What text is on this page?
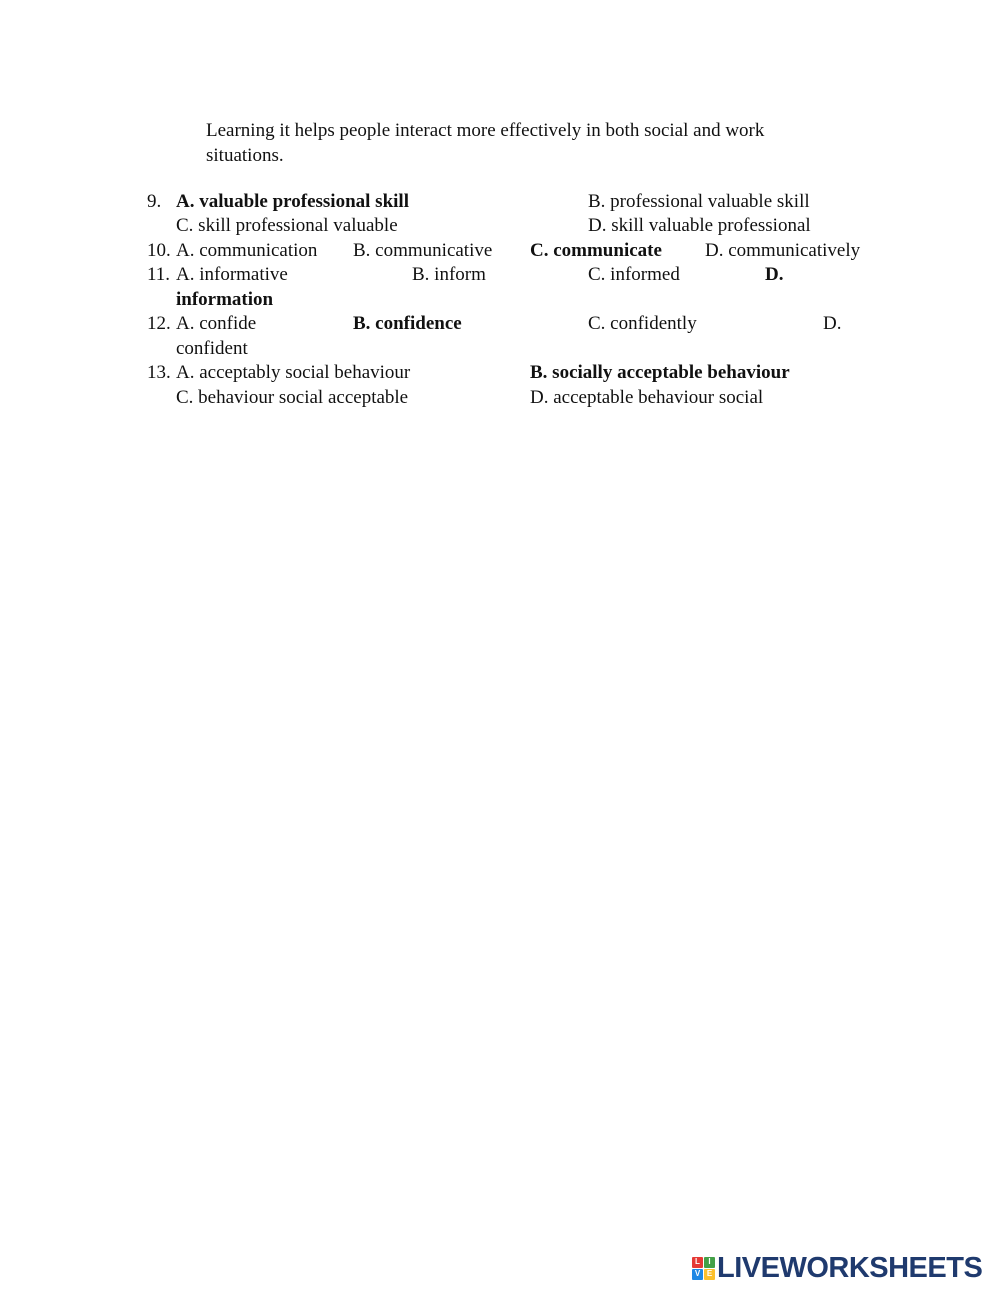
Learning it helps people interact more effectively in both social and work
situations.
9. A. valuable professional skill	B. professional valuable skill
C. skill professional valuable	D. skill valuable professional
10. A. communication B. communicative C. communicate D. communicatively
11. A. informative	B. inform	C. informed	D.
information
12. A. confide	B. confidence	C. confidently	D.
confident
13. A. acceptably social behaviour	B. socially acceptable behaviour
C. behaviour social acceptable	D. acceptable behaviour social
L	I
V E LIVEWORKSHEETS
